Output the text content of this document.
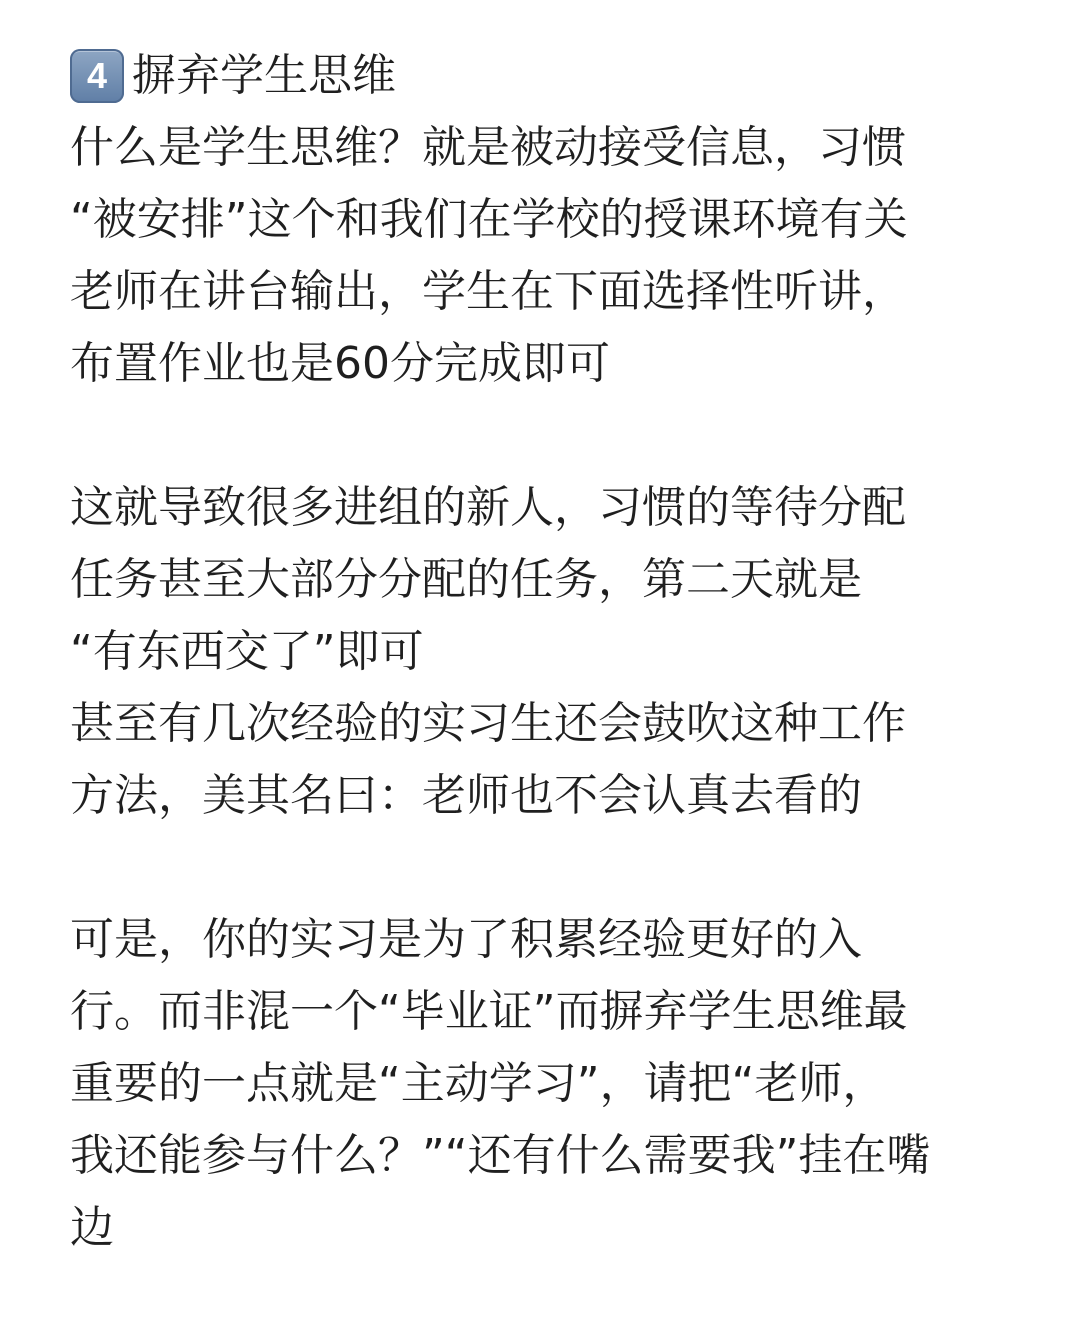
4 摒弃学生思维
什么是学生思维？就是被动接受信息，习惯
“被安排”这个和我们在学校的授课环境有关
老师在讲台输出，学生在下面选择性听讲，
布置作业也是60分完成即可
这就导致很多进组的新人，习惯的等待分配
任务甚至大部分分配的任务，第二天就是
“有东西交了”即可
甚至有几次经验的实习生还会鼓吹这种工作
方法，美其名曰：老师也不会认真去看的
可是，你的实习是为了积累经验更好的入
行。而非混一个“毕业证”而摒弃学生思维最
重要的一点就是“主动学习”，请把“老师，
我还能参与什么？”“还有什么需要我”挂在嘴
边
